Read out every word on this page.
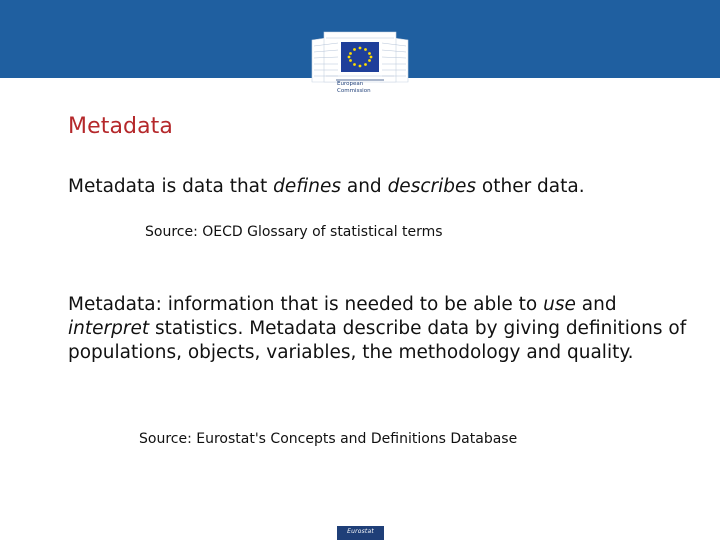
European
Commission
Metadata
Metadata is data that defines and describes other data.
Source: OECD Glossary of statistical terms
Metadata: information that is needed to be able to use and interpret statistics. Metadata describe data by giving definitions of populations, objects, variables, the methodology and quality.
Source: Eurostat's Concepts and Definitions Database
Eurostat
